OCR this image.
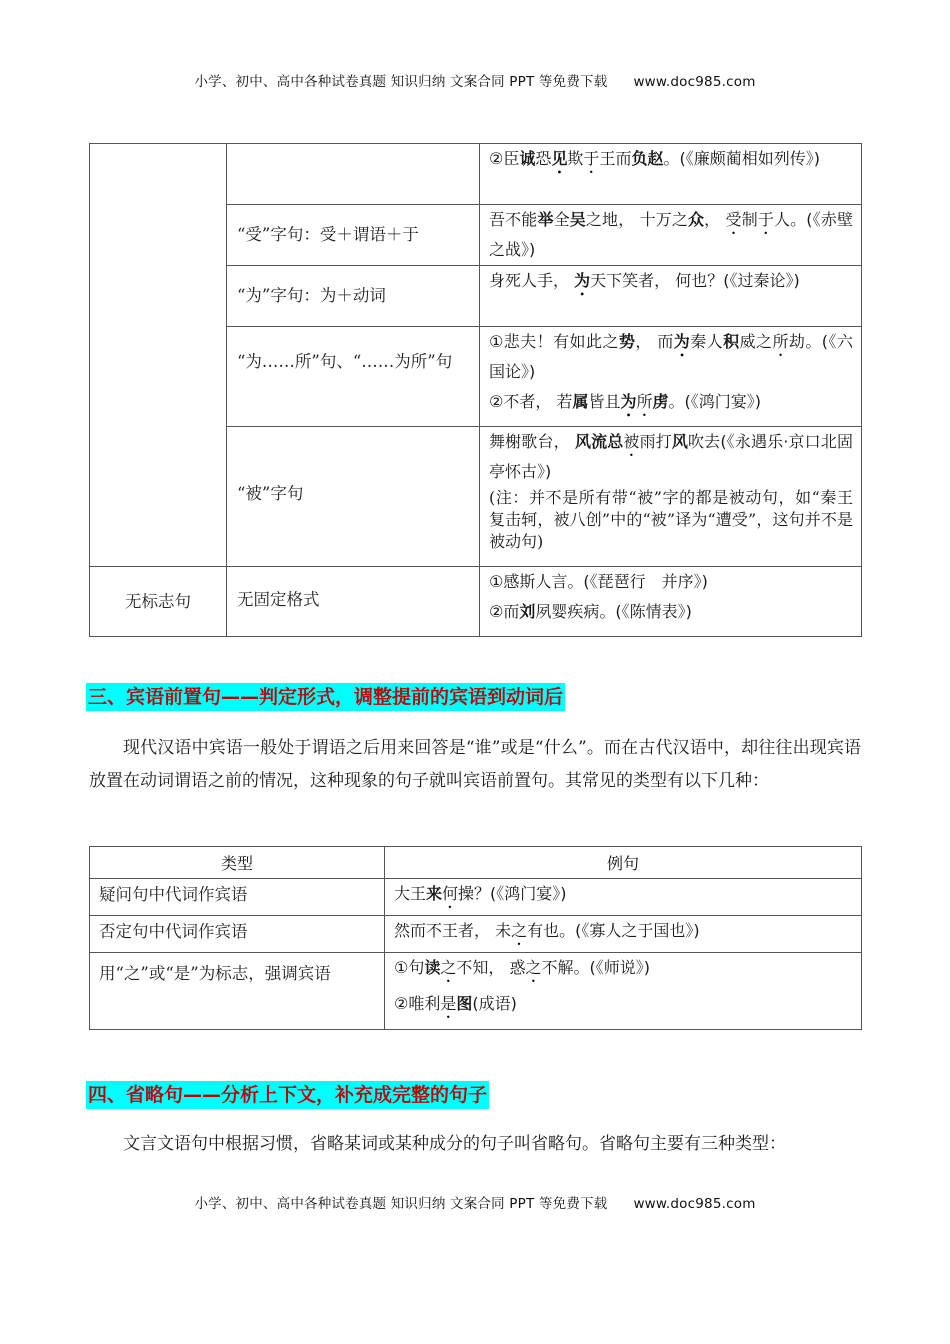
小学、初中、高中各种试卷真题 知识归纳 文案合同 PPT 等免费下载 www.doc985.com

		②臣诚恐见欺于王而负赵。(《廉颇蔺相如列传》)

“受”字句：受＋谓语＋于	吾不能举全吴之地， 十万之众， 受制于人。(《赤壁之战》)

“为”字句：为＋动词	身死人手， 为天下笑者， 何也？(《过秦论》)

“为……所”句、“……为所”句	①悲夫！有如此之势， 而为秦人积威之所劫。(《六国论》)

②不者， 若属皆且为所虏。(《鸿门宴》)

“被”字句	舞榭歌台， 风流总被雨打风吹去(《永遇乐·京口北固亭怀古》)

(注：并不是所有带“被”字的都是被动句，如“秦王复击轲，被八创”中的“被”译为“遭受”，这句并不是被动句)

无标志句	无固定格式	①感斯人言。(《琵琶行　并序》)

②而刘夙婴疾病。(《陈情表》)

三、宾语前置句——判定形式，调整提前的宾语到动词后
现代汉语中宾语一般处于谓语之后用来回答是“谁”或是“什么”。而在古代汉语中，却往往出现宾语放置在动词谓语之前的情况，这种现象的句子就叫宾语前置句。其常见的类型有以下几种：
类型	例句
疑问句中代词作宾语	大王来何操？(《鸿门宴》)

否定句中代词作宾语	然而不王者， 未之有也。(《寡人之于国也》)

用“之”或“是”为标志，强调宾语	①句读之不知， 惑之不解。(《师说》)

②唯利是图(成语)

四、省略句——分析上下文，补充成完整的句子
文言文语句中根据习惯，省略某词或某种成分的句子叫省略句。省略句主要有三种类型：
小学、初中、高中各种试卷真题 知识归纳 文案合同 PPT 等免费下载 www.doc985.com
